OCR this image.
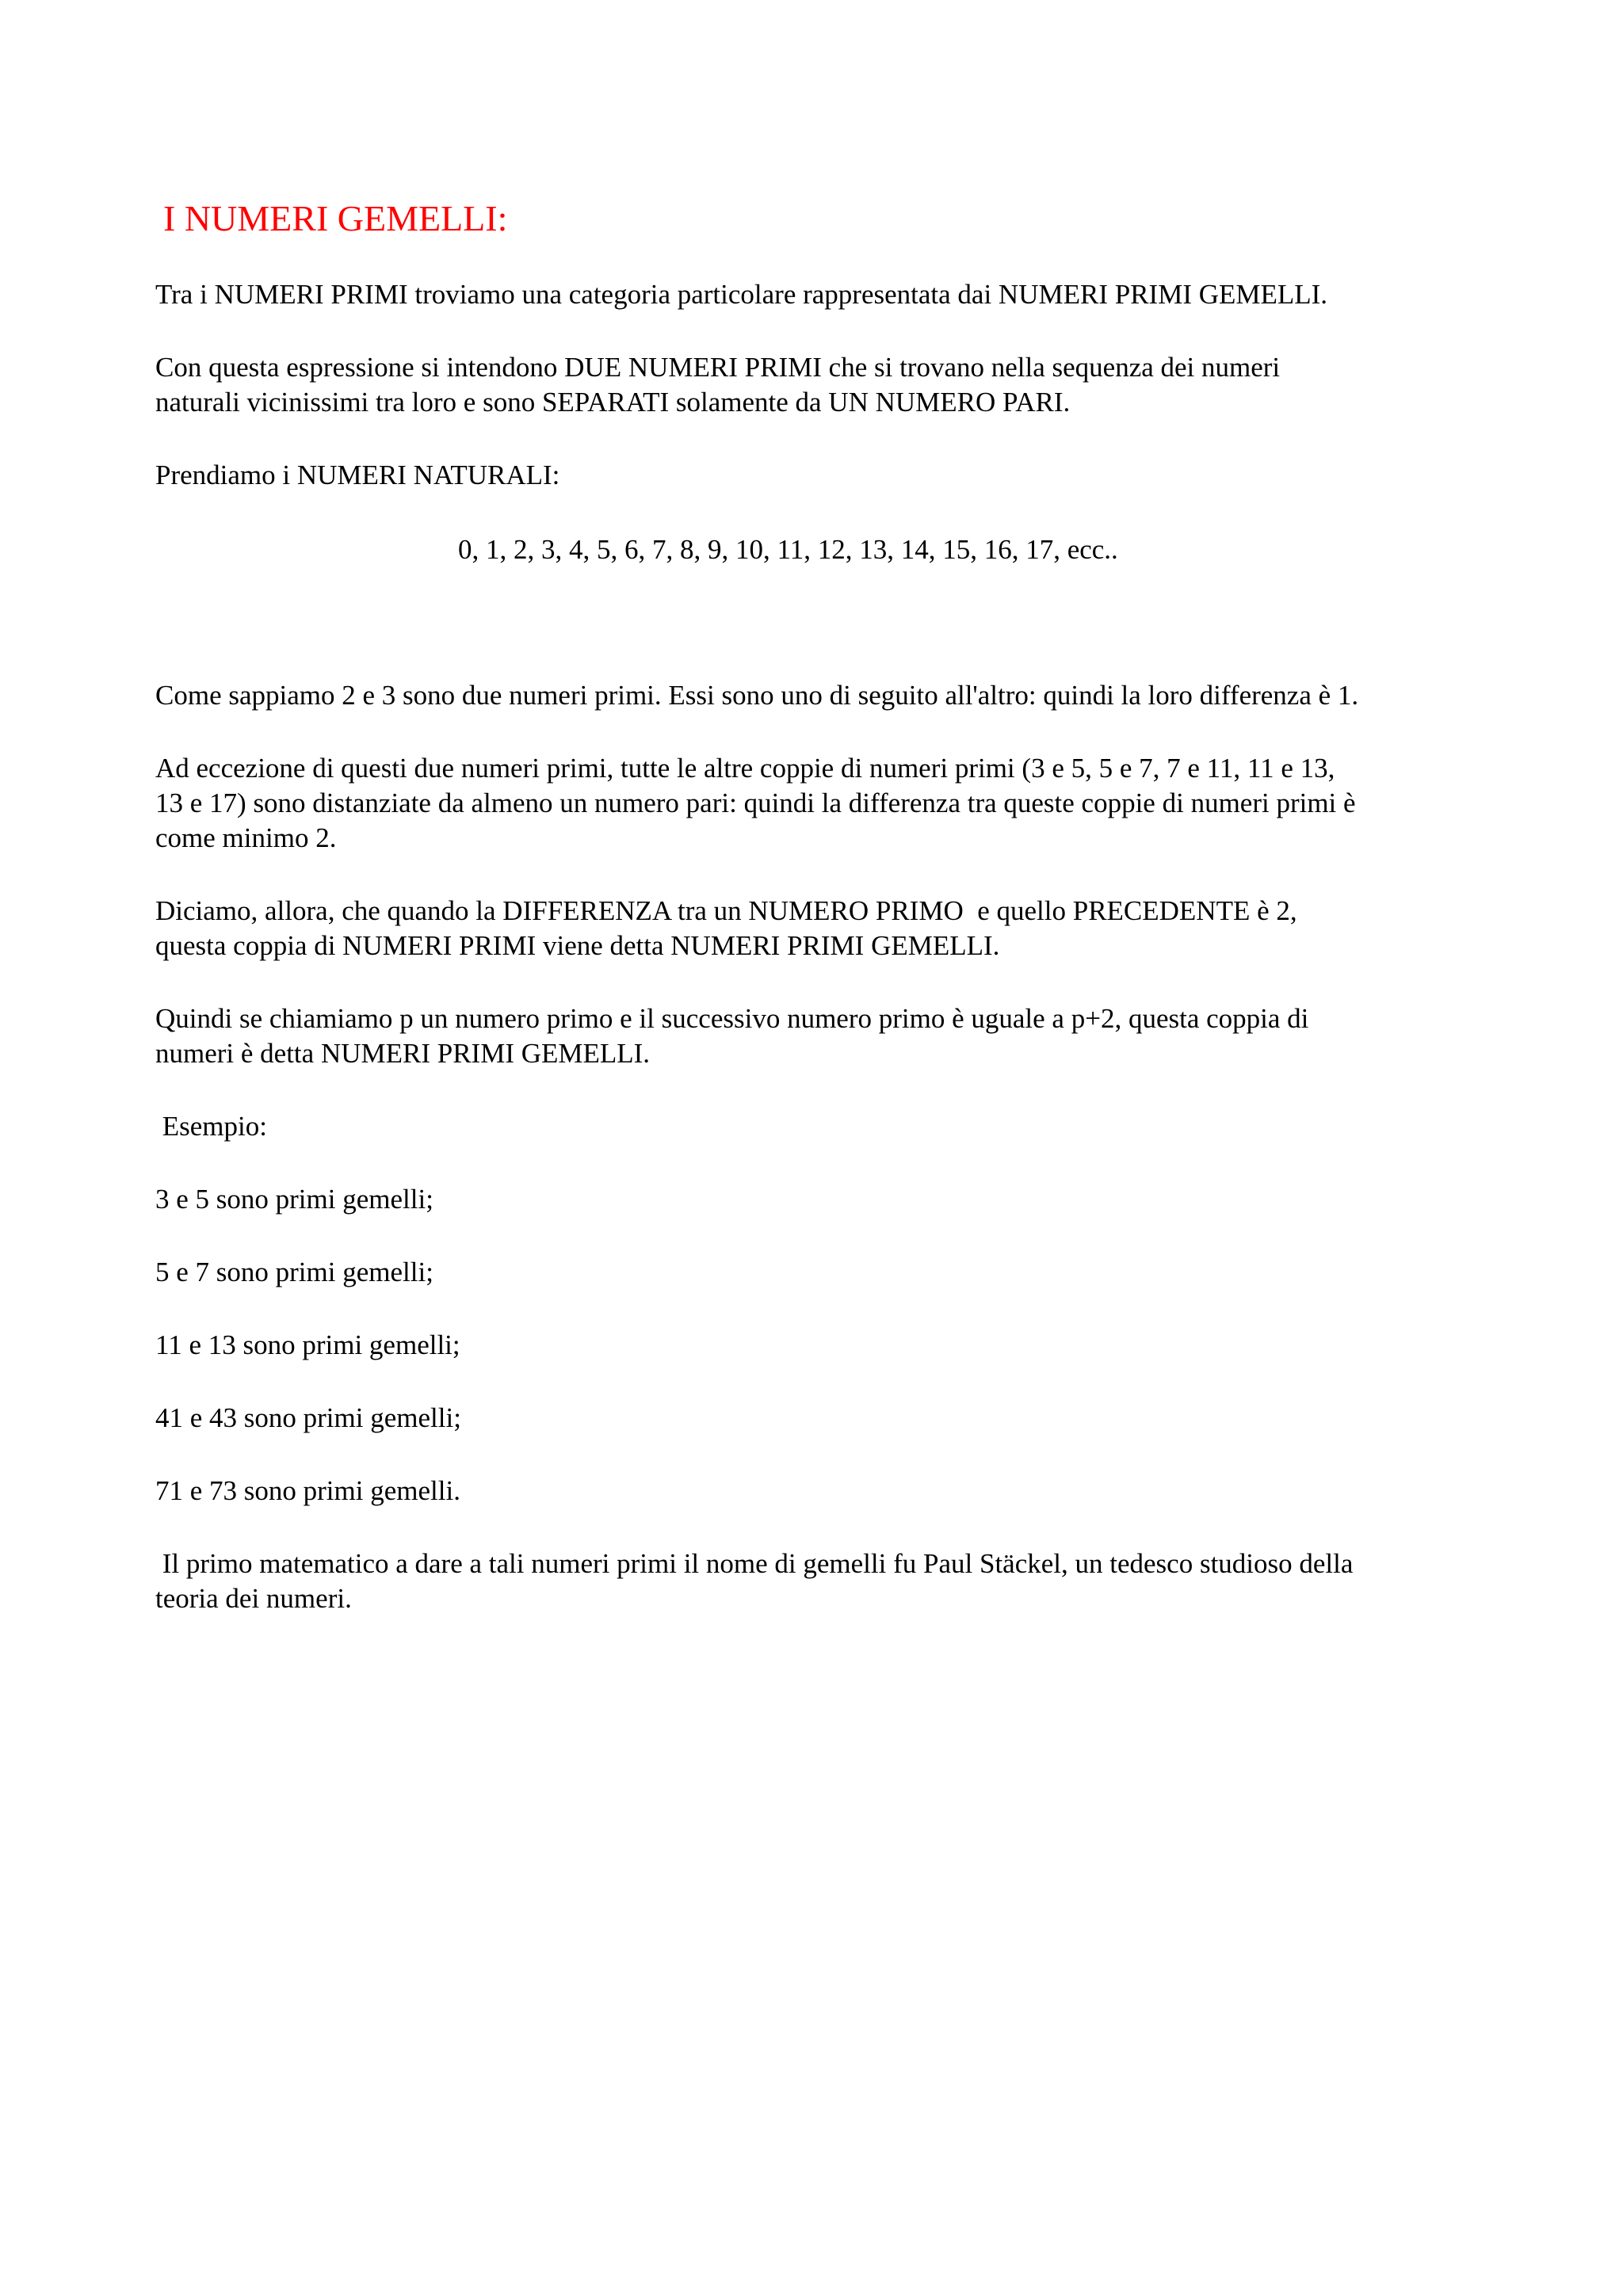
I NUMERI GEMELLI:

Tra i NUMERI PRIMI troviamo una categoria particolare rappresentata dai NUMERI PRIMI GEMELLI.

Con questa espressione si intendono DUE NUMERI PRIMI che si trovano nella sequenza dei numeri

naturali vicinissimi tra loro e sono SEPARATI solamente da UN NUMERO PARI.

Prendiamo i NUMERI NATURALI:

0, 1, 2, 3, 4, 5, 6, 7, 8, 9, 10, 11, 12, 13, 14, 15, 16, 17, ecc..

Come sappiamo 2 e 3 sono due numeri primi. Essi sono uno di seguito all'altro: quindi la loro differenza è 1.

Ad eccezione di questi due numeri primi, tutte le altre coppie di numeri primi (3 e 5, 5 e 7, 7 e 11, 11 e 13,

13 e 17) sono distanziate da almeno un numero pari: quindi la differenza tra queste coppie di numeri primi è

come minimo 2.

Diciamo, allora, che quando la DIFFERENZA tra un NUMERO PRIMO  e quello PRECEDENTE è 2,

questa coppia di NUMERI PRIMI viene detta NUMERI PRIMI GEMELLI.

Quindi se chiamiamo p un numero primo e il successivo numero primo è uguale a p+2, questa coppia di

numeri è detta NUMERI PRIMI GEMELLI.

Esempio:

3 e 5 sono primi gemelli;

5 e 7 sono primi gemelli;

11 e 13 sono primi gemelli;

41 e 43 sono primi gemelli;

71 e 73 sono primi gemelli.

Il primo matematico a dare a tali numeri primi il nome di gemelli fu Paul Stäckel, un tedesco studioso della

teoria dei numeri.
